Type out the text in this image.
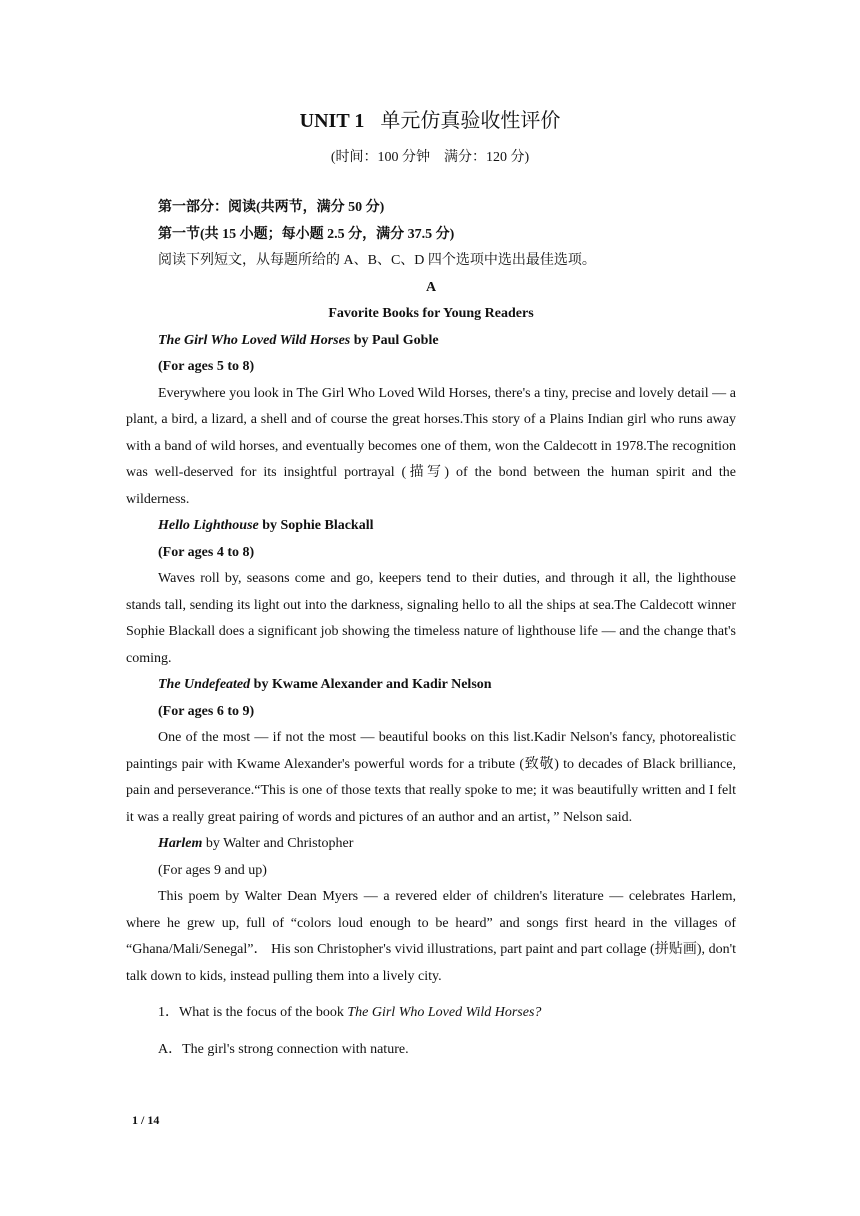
UNIT 1 单元仿真验收性评价
(时间：100 分钟　满分：120 分)

第一部分：阅读(共两节，满分 50 分)

第一节(共 15 小题；每小题 2.5 分，满分 37.5 分)

阅读下列短文，从每题所给的 A、B、C、D 四个选项中选出最佳选项。

A

Favorite Books for Young Readers

The Girl Who Loved Wild Horses by Paul Goble

(For ages 5 to 8)

Everywhere you look in The Girl Who Loved Wild Horses, there's a tiny, precise and lovely detail — a plant, a bird, a lizard, a shell and of course the great horses.This story of a Plains Indian girl who runs away with a band of wild horses, and eventually becomes one of them, won the Caldecott in 1978.The recognition was well-deserved for its insightful portrayal (描写) of the bond between the human spirit and the wilderness.

Hello Lighthouse by Sophie Blackall

(For ages 4 to 8)

Waves roll by, seasons come and go, keepers tend to their duties, and through it all, the lighthouse stands tall, sending its light out into the darkness, signaling hello to all the ships at sea.The Caldecott winner Sophie Blackall does a significant job showing the timeless nature of lighthouse life — and the change that's coming.

The Undefeated by Kwame Alexander and Kadir Nelson

(For ages 6 to 9)

One of the most — if not the most — beautiful books on this list.Kadir Nelson's fancy, photorealistic paintings pair with Kwame Alexander's powerful words for a tribute (致敬) to decades of Black brilliance, pain and perseverance.“This is one of those texts that really spoke to me; it was beautifully written and I felt it was a really great pairing of words and pictures of an author and an artist，” Nelson said.

Harlem by Walter and Christopher

(For ages 9 and up)

This poem by Walter Dean Myers — a revered elder of children's literature — celebrates Harlem, where he grew up, full of “colors loud enough to be heard” and songs first heard in the villages of “Ghana/Mali/Senegal”． His son Christopher's vivid illustrations, part paint and part collage (拼贴画), don't talk down to kids, instead pulling them into a lively city.

1．What is the focus of the book The Girl Who Loved Wild Horses?

A．The girl's strong connection with nature.

1 / 14
